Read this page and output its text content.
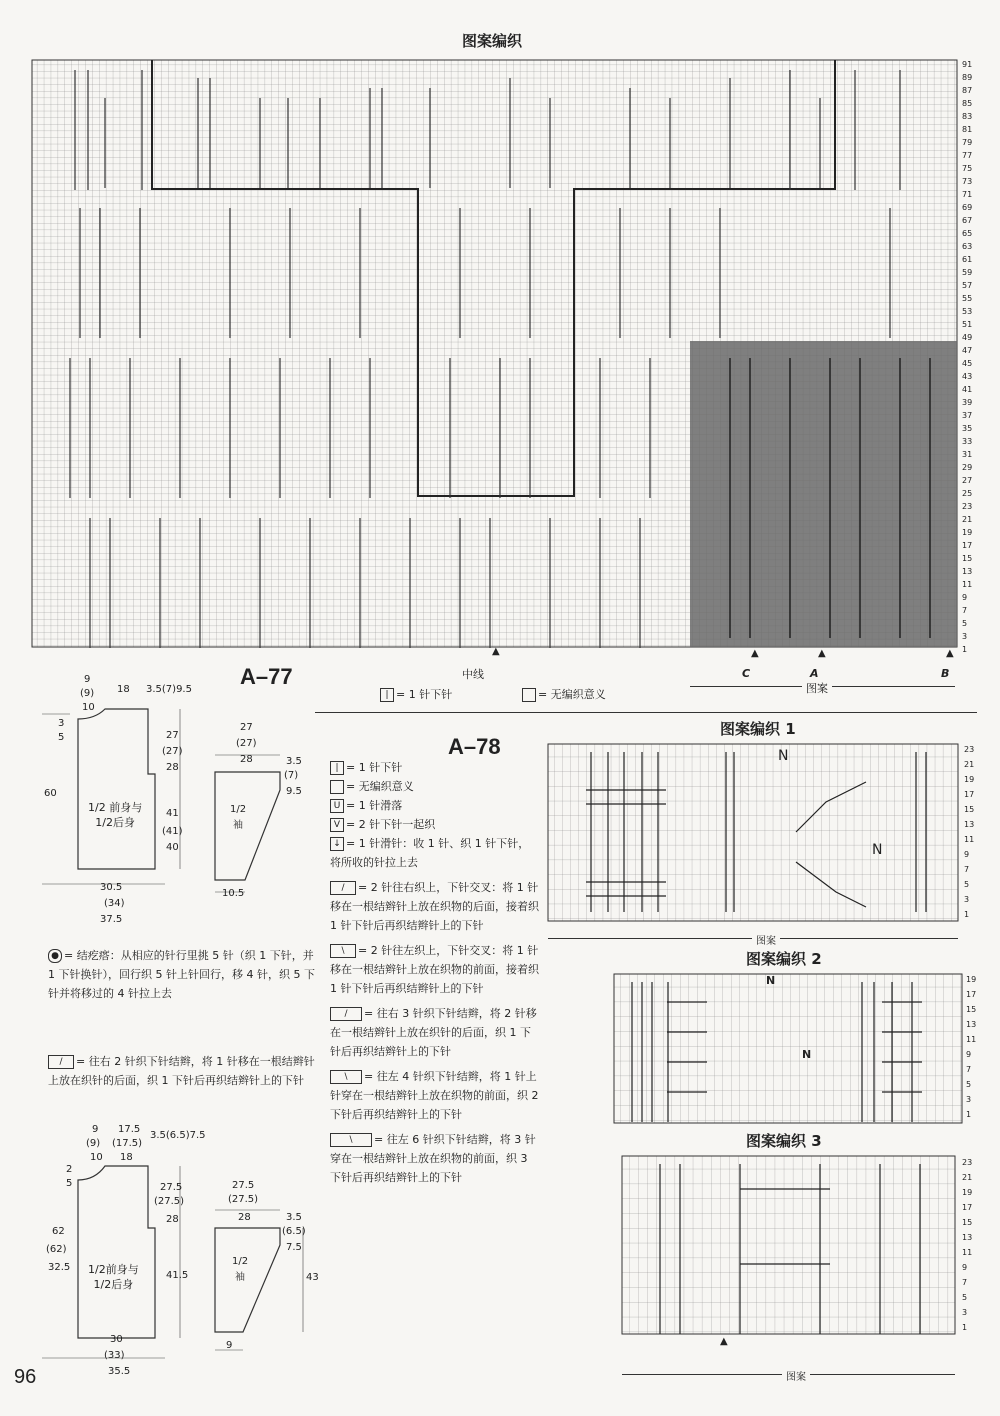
图案编织
91
89
87
85
83
81
79
77
75
73
71
69
67
65
63
61
59
57
55
53
51
49
47
45
43
41
39
37
35
33
31
29
27
25
23
21
19
17
15
13
11
9
7
5
3
1
▲
中线
▲	▲	▲
C	A	B
图案
A–77
| = 1 针下针	= 无编织意义
9
(9)
10
18 3.5(7)9.5
3
5
60
27
(27)
28
41
(41)
40
1/2 前身与
1/2后身
30.5
(34)
37.5
27
(27)
28	3.5
(7)
9.5
1/2
袖
10.5
● = 结疙瘩：从相应的针行里挑 5 针（织 1 下针，并 1 下针换针），回行织 5 针上针回行，移 4 针，织 5 下针并将移过的 4 针拉上去
/ = 往右 2 针织下针结辫，将 1 针移在一根结辫针上放在织针的后面，织 1 下针后再织结辫针上的下针
A–78
| = 1 针下针
= 无编织意义
U = 1 针滑落
V = 2 针下针一起织
↓ = 1 针滑针：收 1 针、织 1 针下针，将所收的针拉上去
/ = 2 针往右织上，下针交叉：将 1 针移在一根结辫针上放在织物的后面，接着织 1 针下针后再织结辫针上的下针
\ = 2 针往左织上，下针交叉：将 1 针移在一根结辫针上放在织物的前面，接着织 1 针下针后再织结辫针上的下针
/ = 往右 3 针织下针结辫，将 2 针移在一根结辫针上放在织针的后面，织 1 下针后再织结辫针上的下针
\ = 往左 4 针织下针结辫，将 1 针上针穿在一根结辫针上放在织物的前面，织 2 下针后再织结辫针上的下针
\ = 往左 6 针织下针结辫，将 3 针穿在一根结辫针上放在织物的前面，织 3 下针后再织结辫针上的下针
9
(9)
10
17.5
(17.5)
18
3.5(6.5)7.5
2
5
62
(62)
32.5
27.5
(27.5)
28
41.5
1/2前身与
1/2后身
30
(33)
35.5
27.5
(27.5)
28	3.5
(6.5)
7.5
43
1/2
袖
9
96
图案编织 1
N
N
23
21
19
17
15
13
11
9
7
5
3
1
图案
图案编织 2
N
N
19
17
15
13
11
9
7
5
3
1
图案编织 3
23
21
19
17
15
13
11
9
7
5
3
1
▲
图案
